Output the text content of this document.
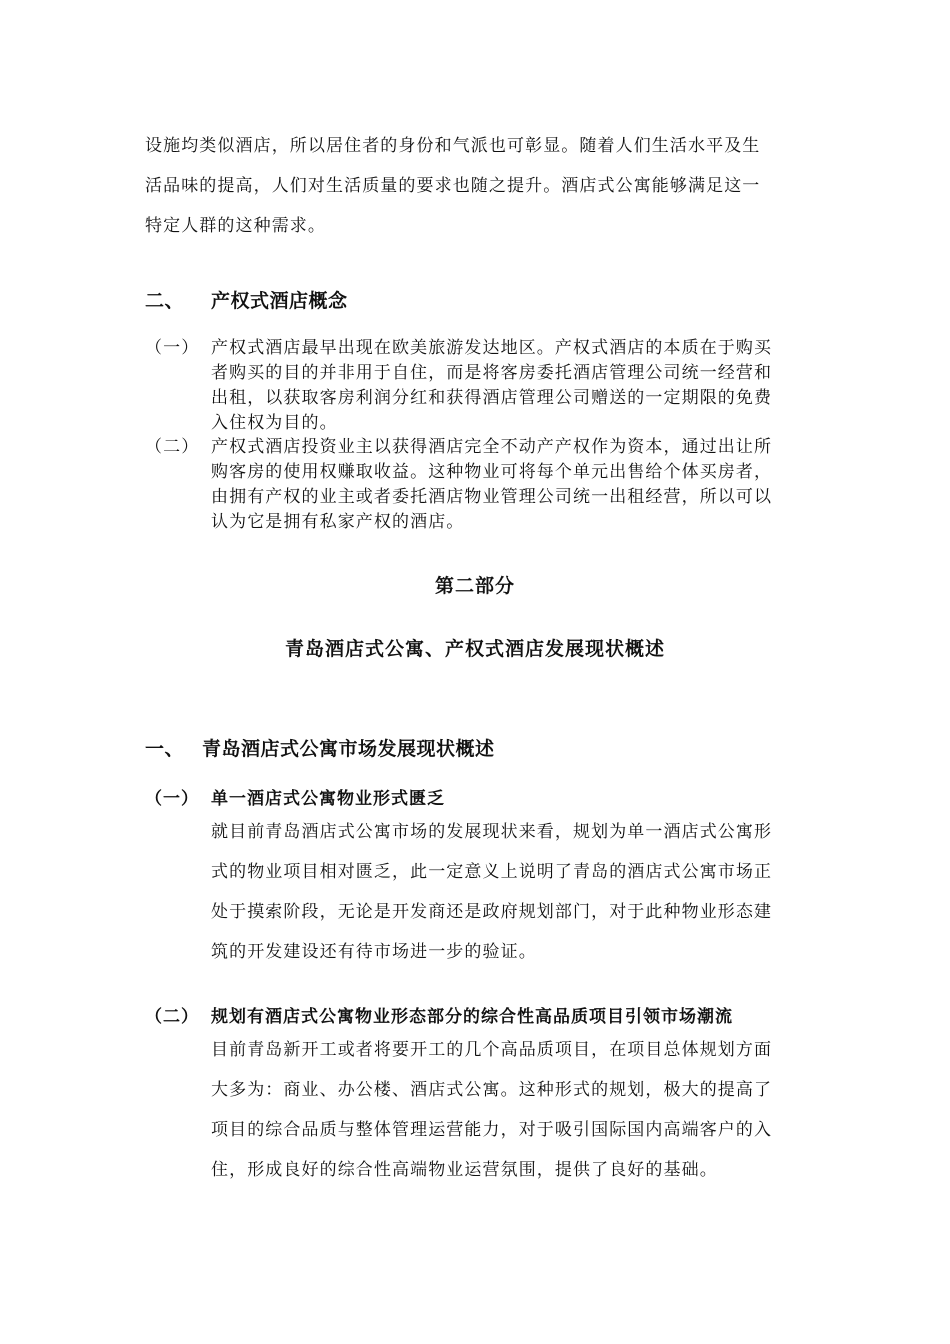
设施均类似酒店，所以居住者的身份和气派也可彰显。随着人们生活水平及生
活品味的提高，人们对生活质量的要求也随之提升。酒店式公寓能够满足这一
特定人群的这种需求。
二、 产权式酒店概念
（一） 产权式酒店最早出现在欧美旅游发达地区。产权式酒店的本质在于购买
者购买的目的并非用于自住，而是将客房委托酒店管理公司统一经营和
出租，以获取客房利润分红和获得酒店管理公司赠送的一定期限的免费
入住权为目的。
（二） 产权式酒店投资业主以获得酒店完全不动产产权作为资本，通过出让所
购客房的使用权赚取收益。这种物业可将每个单元出售给个体买房者，
由拥有产权的业主或者委托酒店物业管理公司统一出租经营，所以可以
认为它是拥有私家产权的酒店。
第二部分
青岛酒店式公寓、产权式酒店发展现状概述
一、 青岛酒店式公寓市场发展现状概述
（一） 单一酒店式公寓物业形式匮乏
就目前青岛酒店式公寓市场的发展现状来看，规划为单一酒店式公寓形
式的物业项目相对匮乏，此一定意义上说明了青岛的酒店式公寓市场正
处于摸索阶段，无论是开发商还是政府规划部门，对于此种物业形态建
筑的开发建设还有待市场进一步的验证。
（二） 规划有酒店式公寓物业形态部分的综合性高品质项目引领市场潮流
目前青岛新开工或者将要开工的几个高品质项目，在项目总体规划方面
大多为：商业、办公楼、酒店式公寓。这种形式的规划，极大的提高了
项目的综合品质与整体管理运营能力，对于吸引国际国内高端客户的入
住，形成良好的综合性高端物业运营氛围，提供了良好的基础。
